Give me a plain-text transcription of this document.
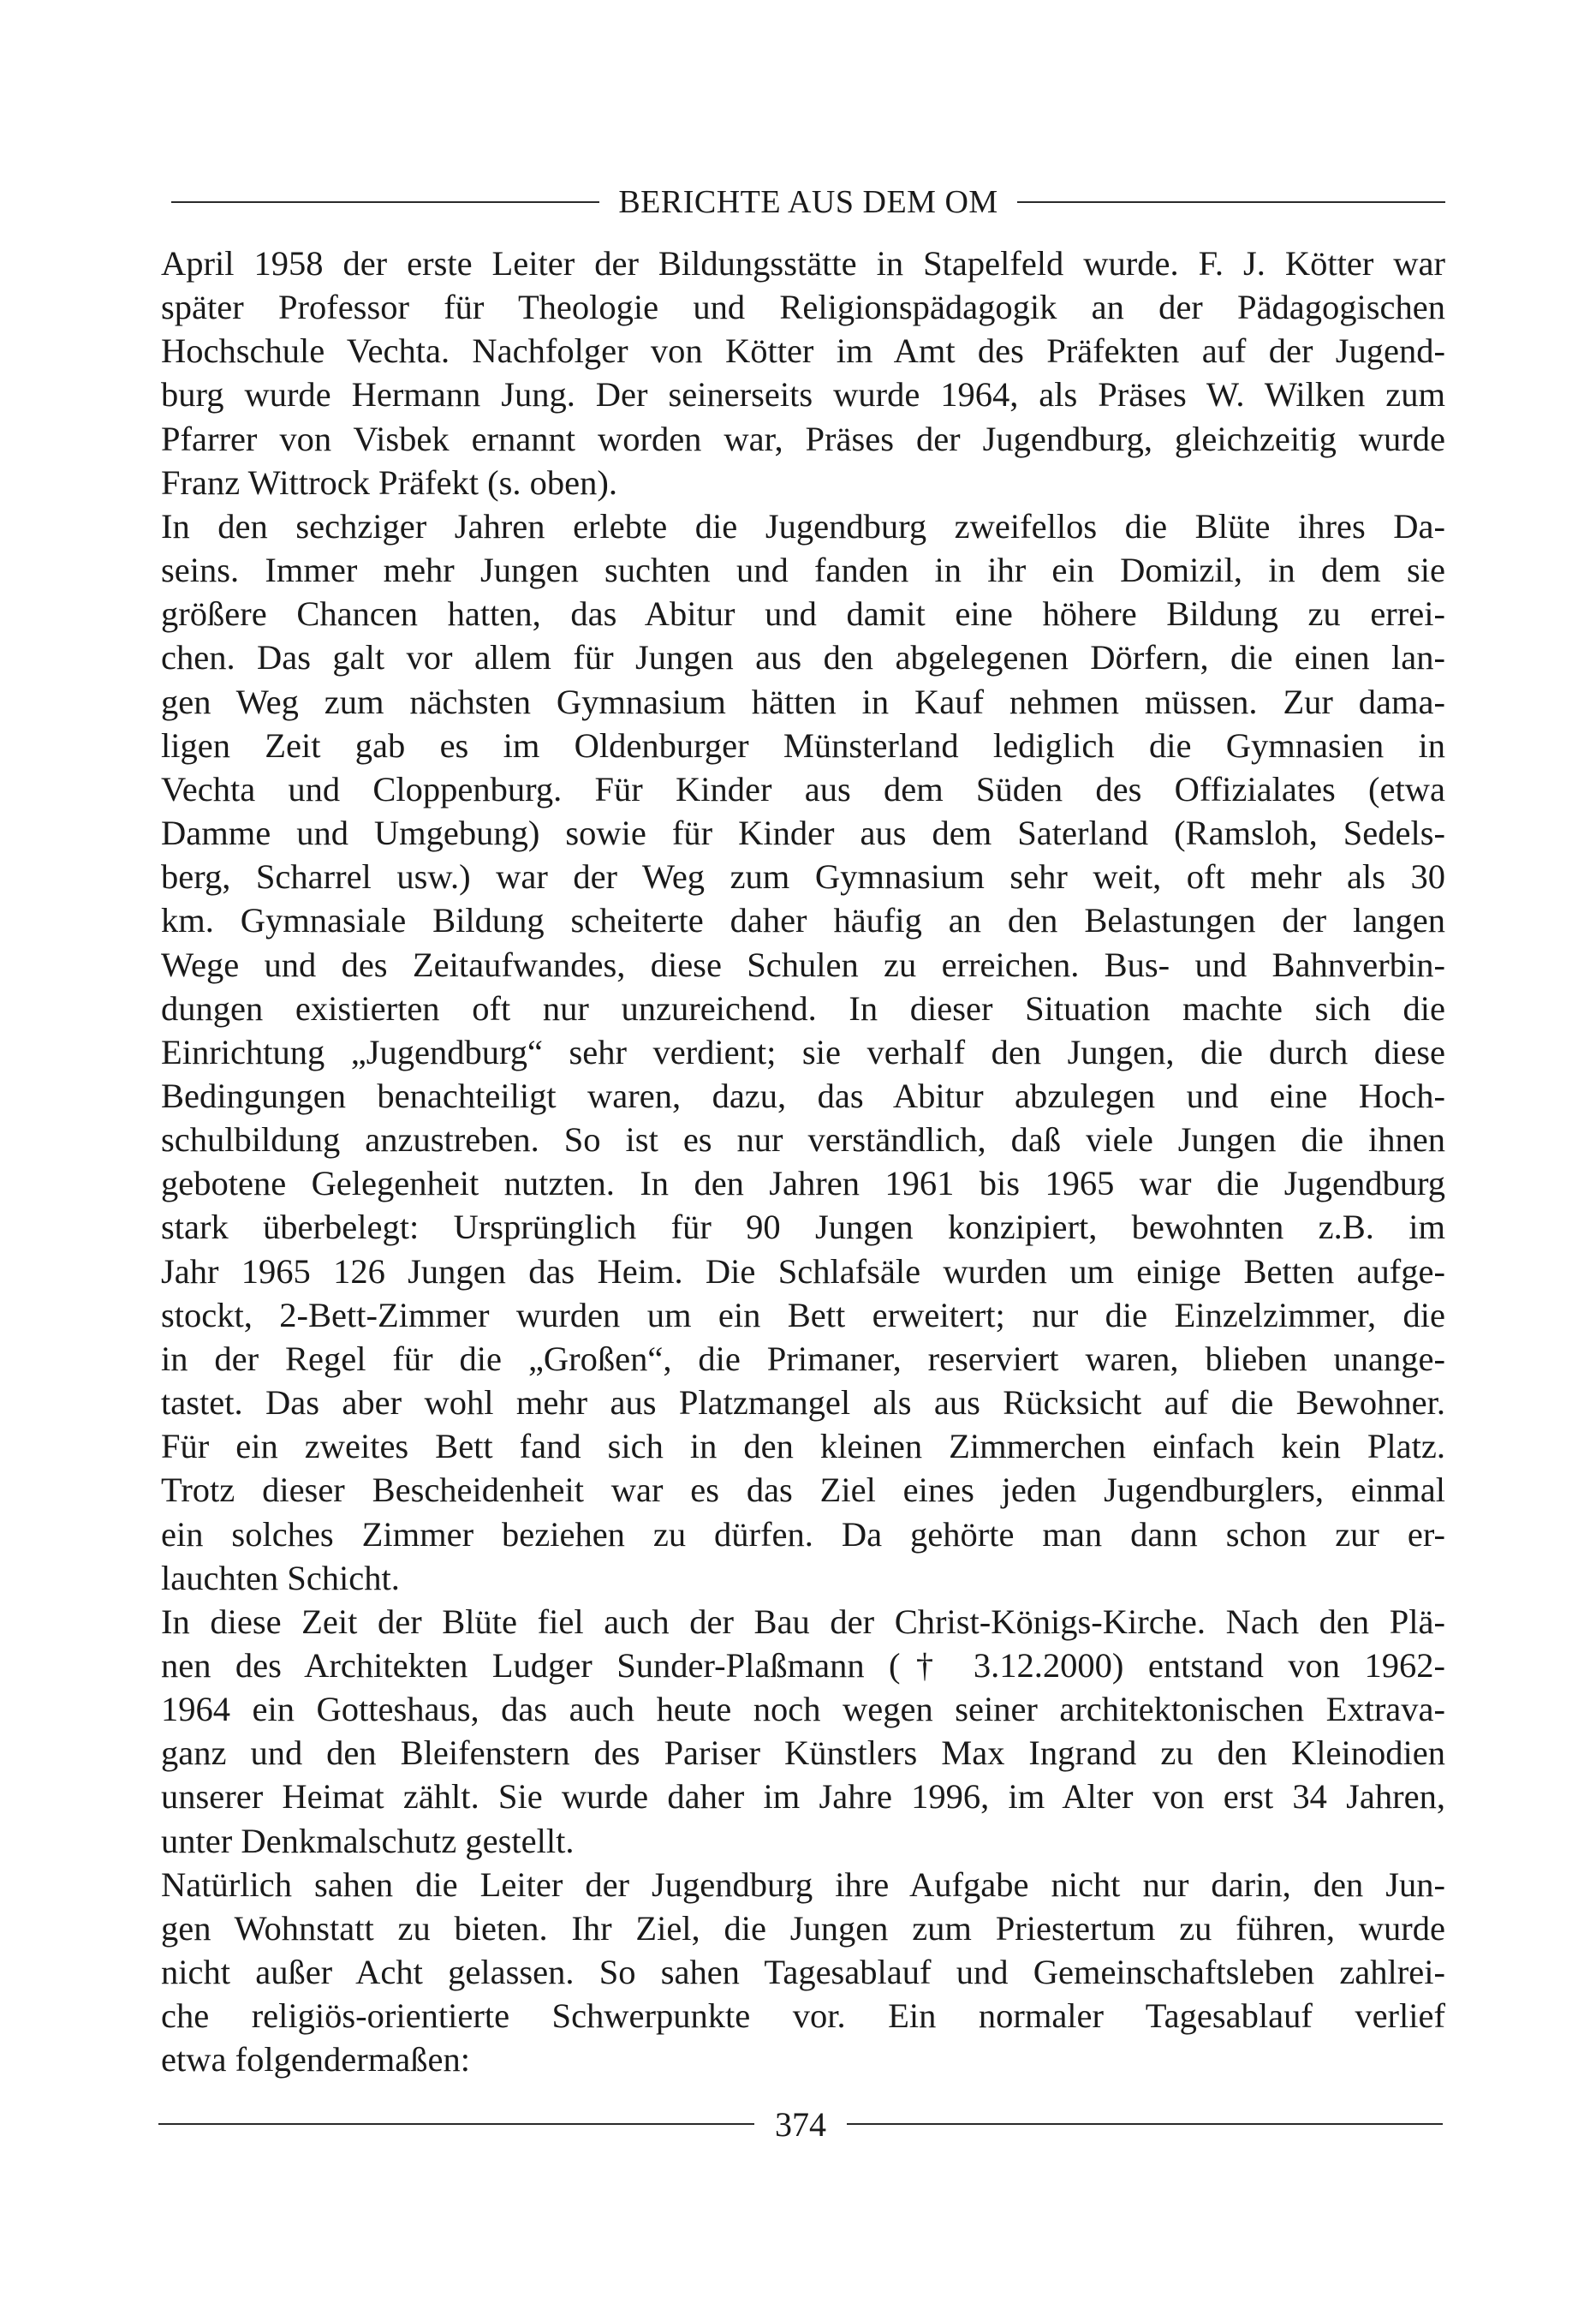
BERICHTE AUS DEM OM

April 1958 der erste Leiter der Bildungsstätte in Stapelfeld wurde. F. J. Kötter war

später Professor für Theologie und Religionspädagogik an der Pädagogischen

Hochschule Vechta. Nachfolger von Kötter im Amt des Präfekten auf der Jugend-

burg wurde Hermann Jung. Der seinerseits wurde 1964, als Präses W. Wilken zum

Pfarrer von Visbek ernannt worden war, Präses der Jugendburg, gleichzeitig wurde

Franz Wittrock Präfekt (s. oben).

In den sechziger Jahren erlebte die Jugendburg zweifellos die Blüte ihres Da-

seins. Immer mehr Jungen suchten und fanden in ihr ein Domizil, in dem sie

größere Chancen hatten, das Abitur und damit eine höhere Bildung zu errei-

chen. Das galt vor allem für Jungen aus den abgelegenen Dörfern, die einen lan-

gen Weg zum nächsten Gymnasium hätten in Kauf nehmen müssen. Zur dama-

ligen Zeit gab es im Oldenburger Münsterland lediglich die Gymnasien in

Vechta und Cloppenburg. Für Kinder aus dem Süden des Offizialates (etwa

Damme und Umgebung) sowie für Kinder aus dem Saterland (Ramsloh, Sedels-

berg, Scharrel usw.) war der Weg zum Gymnasium sehr weit, oft mehr als 30

km. Gymnasiale Bildung scheiterte daher häufig an den Belastungen der langen

Wege und des Zeitaufwandes, diese Schulen zu erreichen. Bus- und Bahnverbin-

dungen existierten oft nur unzureichend. In dieser Situation machte sich die

Einrichtung „Jugendburg“ sehr verdient; sie verhalf den Jungen, die durch diese

Bedingungen benachteiligt waren, dazu, das Abitur abzulegen und eine Hoch-

schulbildung anzustreben. So ist es nur verständlich, daß viele Jungen die ihnen

gebotene Gelegenheit nutzten. In den Jahren 1961 bis 1965 war die Jugendburg

stark überbelegt: Ursprünglich für 90 Jungen konzipiert, bewohnten z.B. im

Jahr 1965 126 Jungen das Heim. Die Schlafsäle wurden um einige Betten aufge-

stockt, 2-Bett-Zimmer wurden um ein Bett erweitert; nur die Einzelzimmer, die

in der Regel für die „Großen“, die Primaner, reserviert waren, blieben unange-

tastet. Das aber wohl mehr aus Platzmangel als aus Rücksicht auf die Bewohner.

Für ein zweites Bett fand sich in den kleinen Zimmerchen einfach kein Platz.

Trotz dieser Bescheidenheit war es das Ziel eines jeden Jugendburglers, einmal

ein solches Zimmer beziehen zu dürfen. Da gehörte man dann schon zur er-

lauchten Schicht.

In diese Zeit der Blüte fiel auch der Bau der Christ-Königs-Kirche. Nach den Plä-

nen des Architekten Ludger Sunder-Plaßmann († 3.12.2000) entstand von 1962-

1964 ein Gotteshaus, das auch heute noch wegen seiner architektonischen Extrava-

ganz und den Bleifenstern des Pariser Künstlers Max Ingrand zu den Kleinodien

unserer Heimat zählt. Sie wurde daher im Jahre 1996, im Alter von erst 34 Jahren,

unter Denkmalschutz gestellt.

Natürlich sahen die Leiter der Jugendburg ihre Aufgabe nicht nur darin, den Jun-

gen Wohnstatt zu bieten. Ihr Ziel, die Jungen zum Priestertum zu führen, wurde

nicht außer Acht gelassen. So sahen Tagesablauf und Gemeinschaftsleben zahlrei-

che religiös-orientierte Schwerpunkte vor. Ein normaler Tagesablauf verlief

etwa folgendermaßen:

374
